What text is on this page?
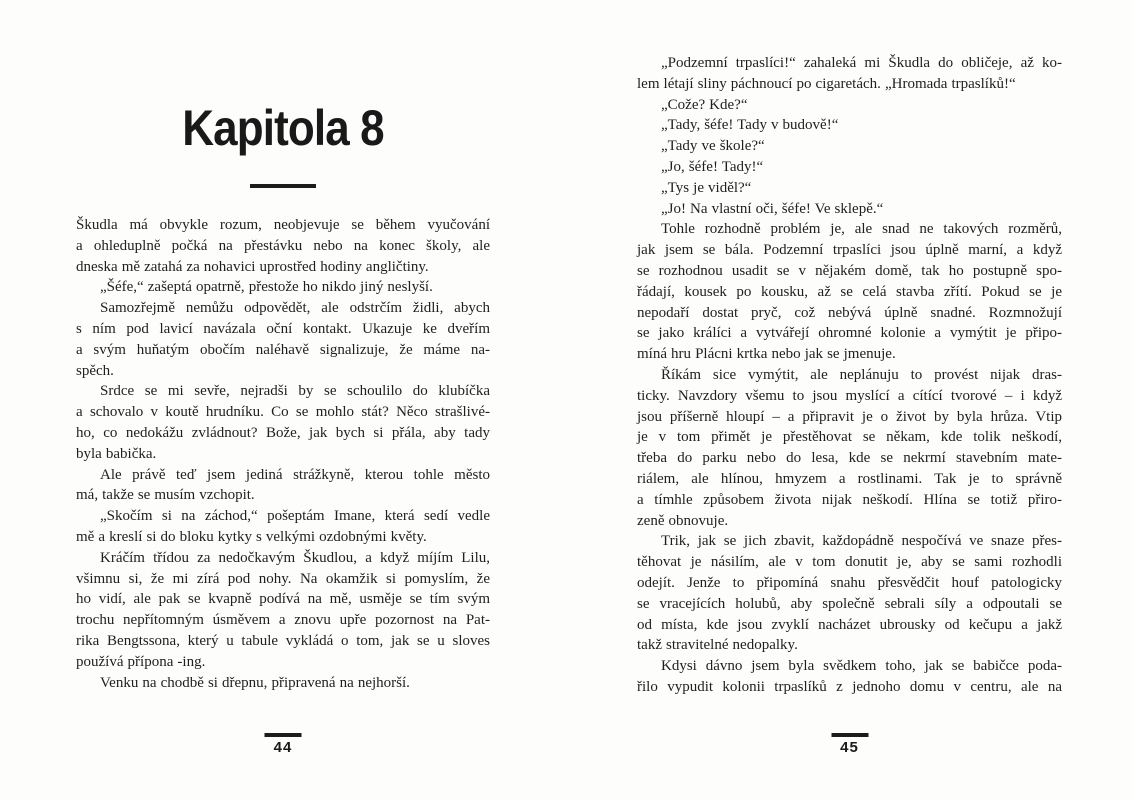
Kapitola 8
Škudla má obvykle rozum, neobjevuje se během vyučování
a ohleduplně počká na přestávku nebo na konec školy, ale
dneska mě zatahá za nohavici uprostřed hodiny angličtiny.
„Šéfe,“ zašeptá opatrně, přestože ho nikdo jiný neslyší.
Samozřejmě nemůžu odpovědět, ale odstrčím židli, abych
s ním pod lavicí navázala oční kontakt. Ukazuje ke dveřím
a svým huňatým obočím naléhavě signalizuje, že máme na-
spěch.
Srdce se mi sevře, nejradši by se schoulilo do klubíčka
a schovalo v koutě hrudníku. Co se mohlo stát? Něco strašlivé-
ho, co nedokážu zvládnout? Bože, jak bych si přála, aby tady
byla babička.
Ale právě teď jsem jediná strážkyně, kterou tohle město
má, takže se musím vzchopit.
„Skočím si na záchod,“ pošeptám Imane, která sedí vedle
mě a kreslí si do bloku kytky s velkými ozdobnými květy.
Kráčím třídou za nedočkavým Škudlou, a když míjím Lilu,
všimnu si, že mi zírá pod nohy. Na okamžik si pomyslím, že
ho vidí, ale pak se kvapně podívá na mě, usměje se tím svým
trochu nepřítomným úsměvem a znovu upře pozornost na Pat-
rika Bengtssona, který u tabule vykládá o tom, jak se u sloves
používá přípona -ing.
Venku na chodbě si dřepnu, připravená na nejhorší.
44
„Podzemní trpaslíci!“ zahaleká mi Škudla do obličeje, až ko-
lem létají sliny páchnoucí po cigaretách. „Hromada trpaslíků!“
„Cože? Kde?“
„Tady, šéfe! Tady v budově!“
„Tady ve škole?“
„Jo, šéfe! Tady!“
„Tys je viděl?“
„Jo! Na vlastní oči, šéfe! Ve sklepě.“
Tohle rozhodně problém je, ale snad ne takových rozměrů,
jak jsem se bála. Podzemní trpaslíci jsou úplně marní, a když
se rozhodnou usadit se v nějakém domě, tak ho postupně spo-
řádají, kousek po kousku, až se celá stavba zřítí. Pokud se je
nepodaří dostat pryč, což nebývá úplně snadné. Rozmnožují
se jako králíci a vytvářejí ohromné kolonie a vymýtit je připo-
míná hru Plácni krtka nebo jak se jmenuje.
Říkám sice vymýtit, ale neplánuju to provést nijak dras-
ticky. Navzdory všemu to jsou myslící a cítící tvorové – i když
jsou příšerně hloupí – a připravit je o život by byla hrůza. Vtip
je v tom přimět je přestěhovat se někam, kde tolik neškodí,
třeba do parku nebo do lesa, kde se nekrmí stavebním mate-
riálem, ale hlínou, hmyzem a rostlinami. Tak je to správně
a tímhle způsobem života nijak neškodí. Hlína se totiž přiro-
zeně obnovuje.
Trik, jak se jich zbavit, každopádně nespočívá ve snaze přes-
těhovat je násilím, ale v tom donutit je, aby se sami rozhodli
odejít. Jenže to připomíná snahu přesvědčit houf patologicky
se vracejících holubů, aby společně sebrali síly a odpoutali se
od místa, kde jsou zvyklí nacházet ubrousky od kečupu a jakž
takž stravitelné nedopalky.
Kdysi dávno jsem byla svědkem toho, jak se babičce poda-
řilo vypudit kolonii trpaslíků z jednoho domu v centru, ale na
45
